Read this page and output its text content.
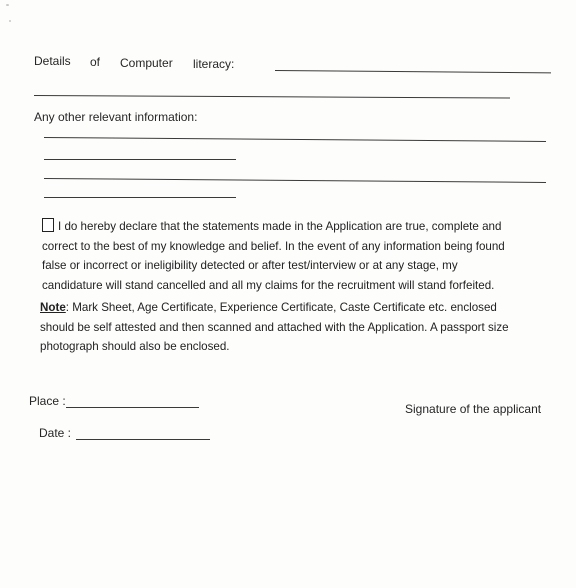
Details of Computer literacy:
Any other relevant information:
I do hereby declare that the statements made in the Application are true, complete and
correct to the best of my knowledge and belief. In the event of any information being found
false or incorrect or ineligibility detected or after test/interview or at any stage, my
candidature will stand cancelled and all my claims for the recruitment will stand forfeited.
Note: Mark Sheet, Age Certificate, Experience Certificate, Caste Certificate etc. enclosed
should be self attested and then scanned and attached with the Application. A passport size
photograph should also be enclosed.
Place :
Signature of the applicant
Date :
